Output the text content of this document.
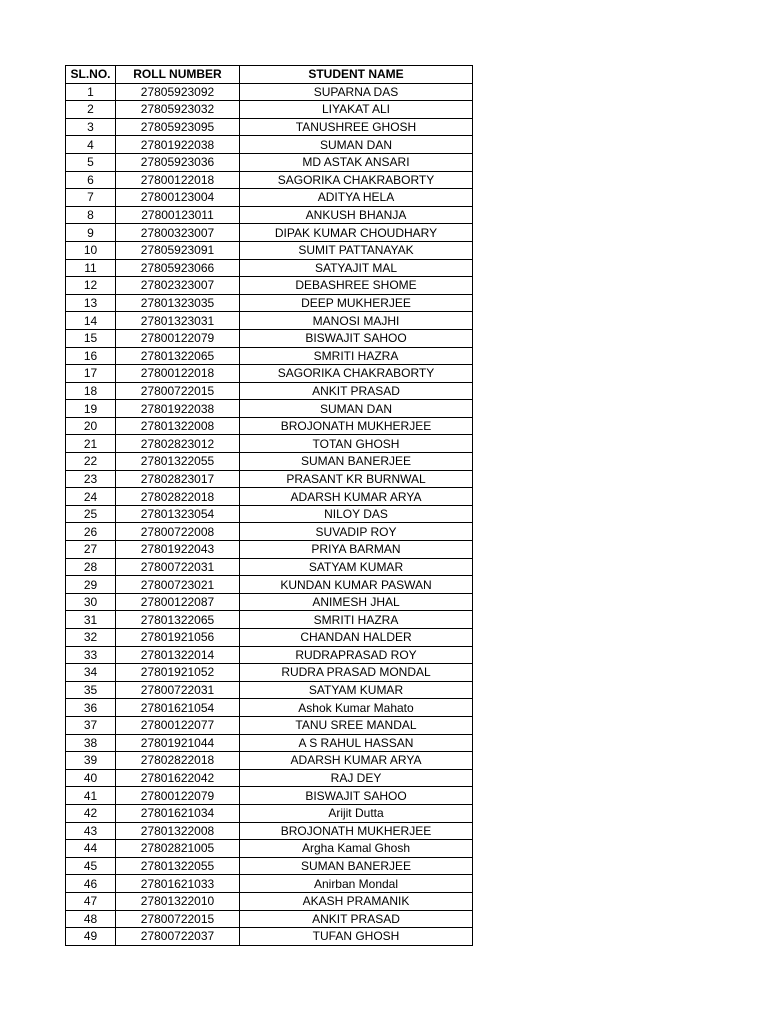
SL.NO.	ROLL NUMBER	STUDENT NAME
1	27805923092	SUPARNA DAS
2	27805923032	LIYAKAT ALI
3	27805923095	TANUSHREE GHOSH
4	27801922038	SUMAN DAN
5	27805923036	MD ASTAK ANSARI
6	27800122018	SAGORIKA CHAKRABORTY
7	27800123004	ADITYA HELA
8	27800123011	ANKUSH BHANJA
9	27800323007	DIPAK KUMAR CHOUDHARY
10	27805923091	SUMIT PATTANAYAK
11	27805923066	SATYAJIT MAL
12	27802323007	DEBASHREE SHOME
13	27801323035	DEEP MUKHERJEE
14	27801323031	MANOSI MAJHI
15	27800122079	BISWAJIT SAHOO
16	27801322065	SMRITI HAZRA
17	27800122018	SAGORIKA CHAKRABORTY
18	27800722015	ANKIT PRASAD
19	27801922038	SUMAN DAN
20	27801322008	BROJONATH MUKHERJEE
21	27802823012	TOTAN GHOSH
22	27801322055	SUMAN BANERJEE
23	27802823017	PRASANT KR BURNWAL
24	27802822018	ADARSH KUMAR ARYA
25	27801323054	NILOY DAS
26	27800722008	SUVADIP ROY
27	27801922043	PRIYA BARMAN
28	27800722031	SATYAM KUMAR
29	27800723021	KUNDAN KUMAR PASWAN
30	27800122087	ANIMESH JHAL
31	27801322065	SMRITI HAZRA
32	27801921056	CHANDAN HALDER
33	27801322014	RUDRAPRASAD ROY
34	27801921052	RUDRA PRASAD MONDAL
35	27800722031	SATYAM KUMAR
36	27801621054	Ashok Kumar Mahato
37	27800122077	TANU SREE MANDAL
38	27801921044	A S RAHUL HASSAN
39	27802822018	ADARSH KUMAR ARYA
40	27801622042	RAJ DEY
41	27800122079	BISWAJIT SAHOO
42	27801621034	Arijit Dutta
43	27801322008	BROJONATH MUKHERJEE
44	27802821005	Argha Kamal Ghosh
45	27801322055	SUMAN BANERJEE
46	27801621033	Anirban Mondal
47	27801322010	AKASH PRAMANIK
48	27800722015	ANKIT PRASAD
49	27800722037	TUFAN GHOSH
